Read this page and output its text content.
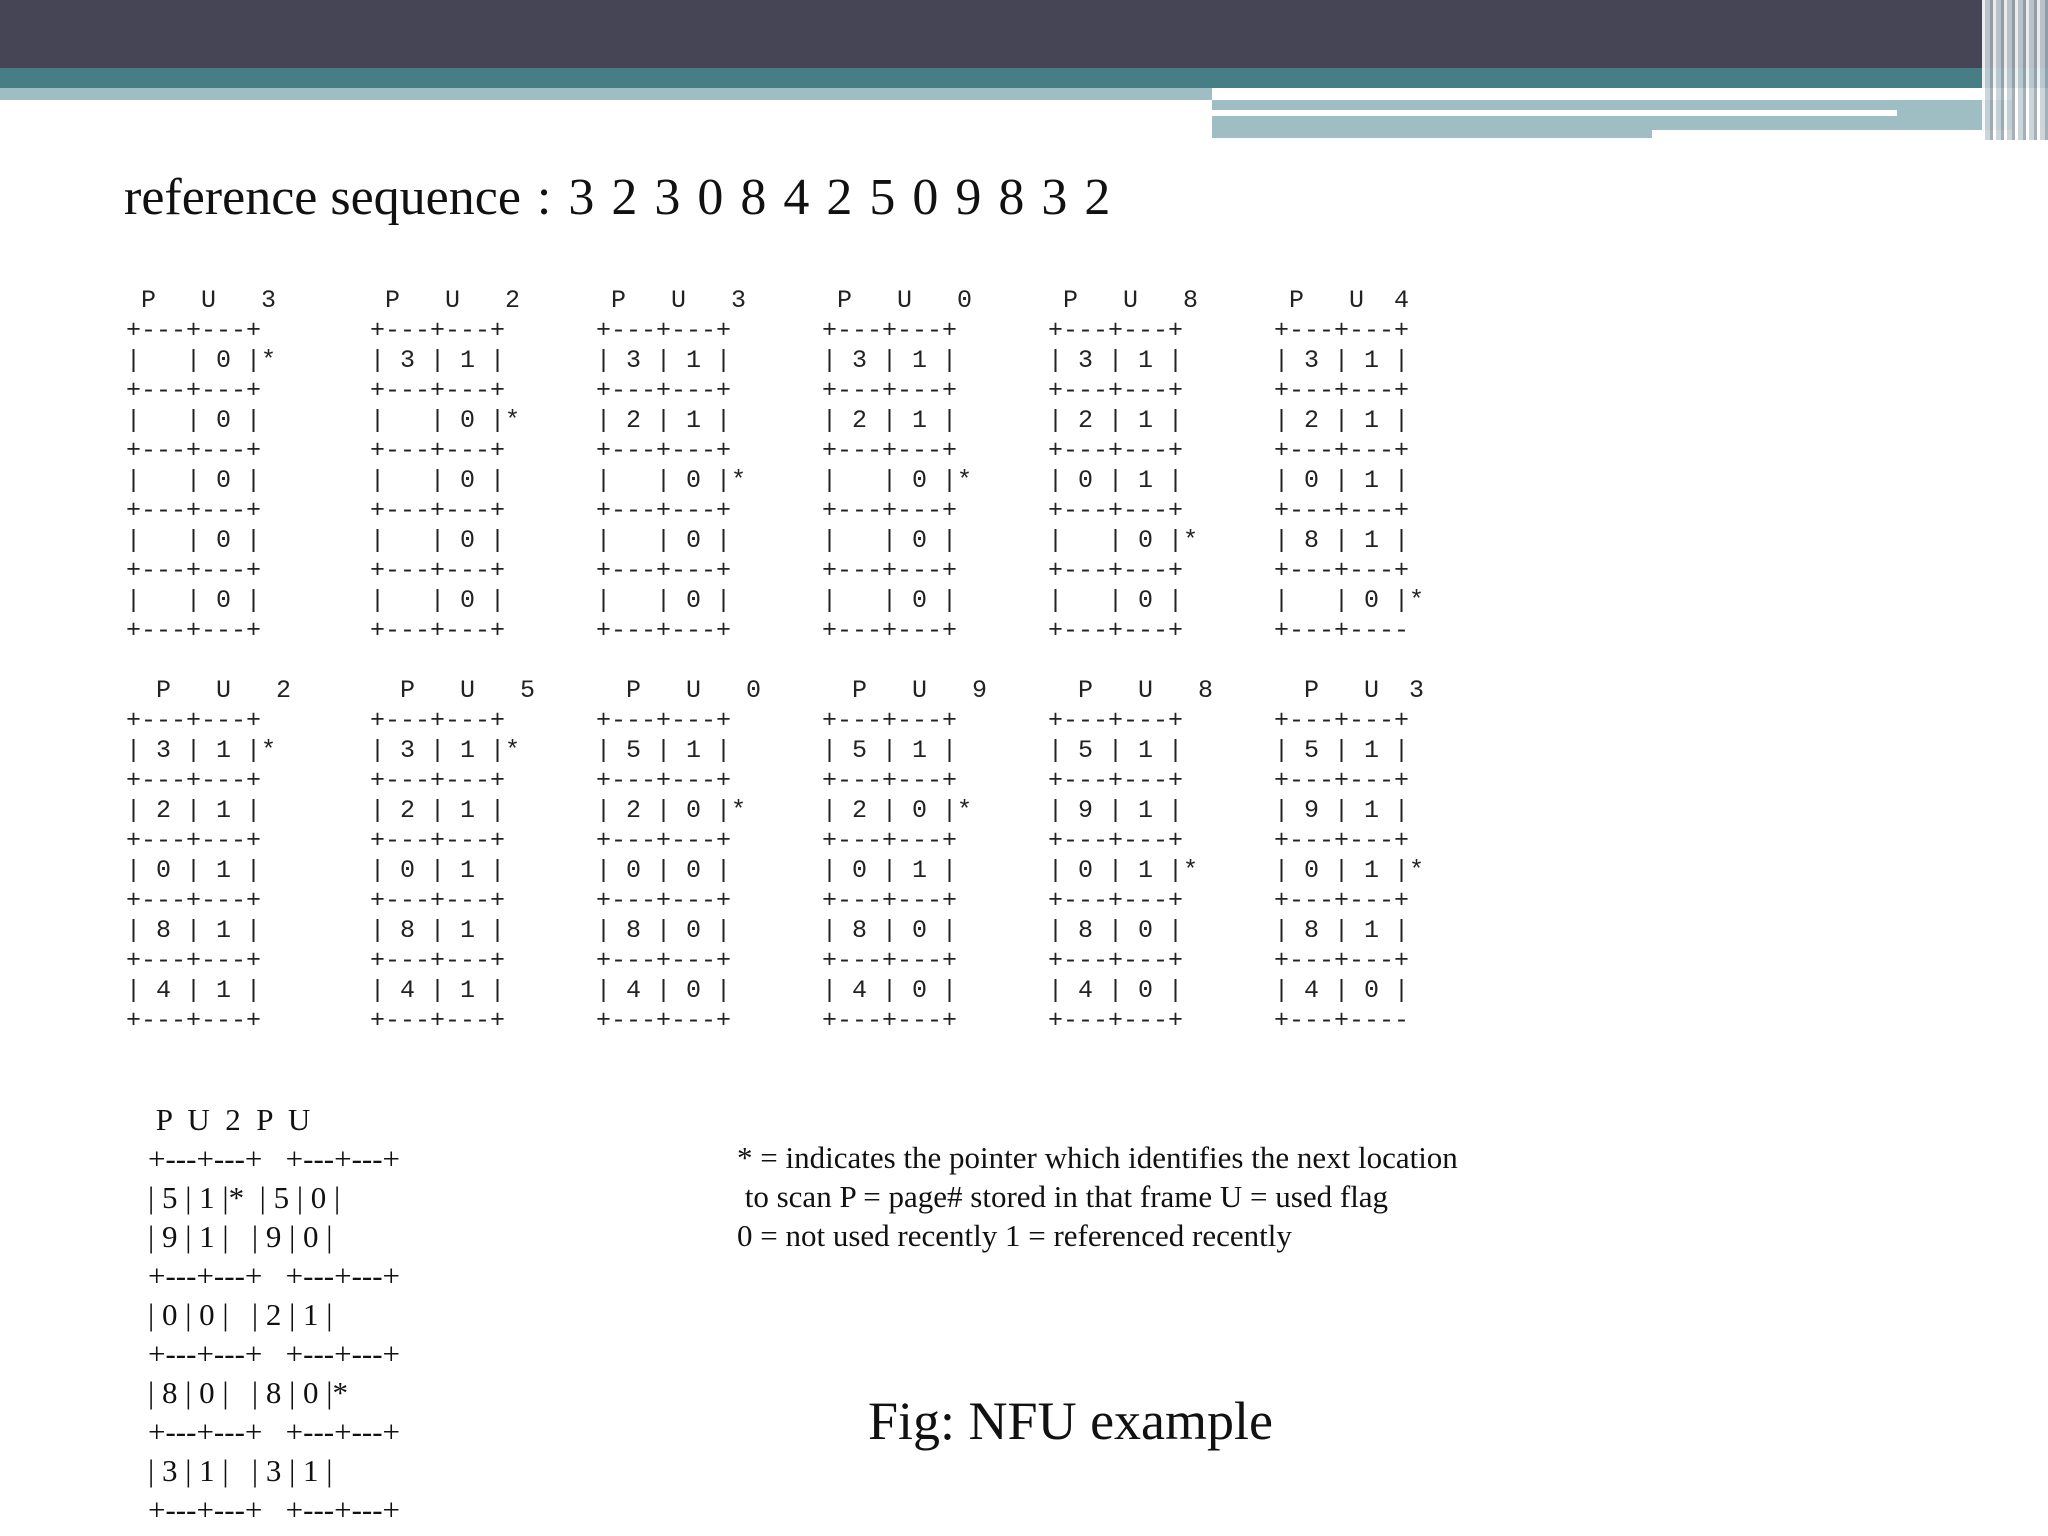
reference sequence : 3 2 3 0 8 4 2 5 0 9 8 3 2
P   U   3
+---+---+
|   | 0 |*
+---+---+
|   | 0 |
+---+---+
|   | 0 |
+---+---+
|   | 0 |
+---+---+
|   | 0 |
+---+---+
P   U   2
+---+---+
| 3 | 1 |
+---+---+
|   | 0 |*
+---+---+
|   | 0 |
+---+---+
|   | 0 |
+---+---+
|   | 0 |
+---+---+
P   U   3
+---+---+
| 3 | 1 |
+---+---+
| 2 | 1 |
+---+---+
|   | 0 |*
+---+---+
|   | 0 |
+---+---+
|   | 0 |
+---+---+
P   U   0
+---+---+
| 3 | 1 |
+---+---+
| 2 | 1 |
+---+---+
|   | 0 |*
+---+---+
|   | 0 |
+---+---+
|   | 0 |
+---+---+
P   U   8
+---+---+
| 3 | 1 |
+---+---+
| 2 | 1 |
+---+---+
| 0 | 1 |
+---+---+
|   | 0 |*
+---+---+
|   | 0 |
+---+---+
P   U  4
+---+---+
| 3 | 1 |
+---+---+
| 2 | 1 |
+---+---+
| 0 | 1 |
+---+---+
| 8 | 1 |
+---+---+
|   | 0 |*
+---+----
P   U   2
+---+---+
| 3 | 1 |*
+---+---+
| 2 | 1 |
+---+---+
| 0 | 1 |
+---+---+
| 8 | 1 |
+---+---+
| 4 | 1 |
+---+---+
P   U   5
+---+---+
| 3 | 1 |*
+---+---+
| 2 | 1 |
+---+---+
| 0 | 1 |
+---+---+
| 8 | 1 |
+---+---+
| 4 | 1 |
+---+---+
P   U   0
+---+---+
| 5 | 1 |
+---+---+
| 2 | 0 |*
+---+---+
| 0 | 0 |
+---+---+
| 8 | 0 |
+---+---+
| 4 | 0 |
+---+---+
P   U   9
+---+---+
| 5 | 1 |
+---+---+
| 2 | 0 |*
+---+---+
| 0 | 1 |
+---+---+
| 8 | 0 |
+---+---+
| 4 | 0 |
+---+---+
P   U   8
+---+---+
| 5 | 1 |
+---+---+
| 9 | 1 |
+---+---+
| 0 | 1 |*
+---+---+
| 8 | 0 |
+---+---+
| 4 | 0 |
+---+---+
P   U  3
+---+---+
| 5 | 1 |
+---+---+
| 9 | 1 |
+---+---+
| 0 | 1 |*
+---+---+
| 8 | 1 |
+---+---+
| 4 | 0 |
+---+----
P  U  2  P  U
+---+---+   +---+---+
| 5 | 1 |*  | 5 | 0 |
| 9 | 1 |   | 9 | 0 |
+---+---+   +---+---+
| 0 | 0 |   | 2 | 1 |
+---+---+   +---+---+
| 8 | 0 |   | 8 | 0 |*
+---+---+   +---+---+
| 3 | 1 |   | 3 | 1 |
+---+---+   +---+---+
* = indicates the pointer which identifies the next location
to scan P = page# stored in that frame U = used flag
0 = not used recently 1 = referenced recently
Fig: NFU example
